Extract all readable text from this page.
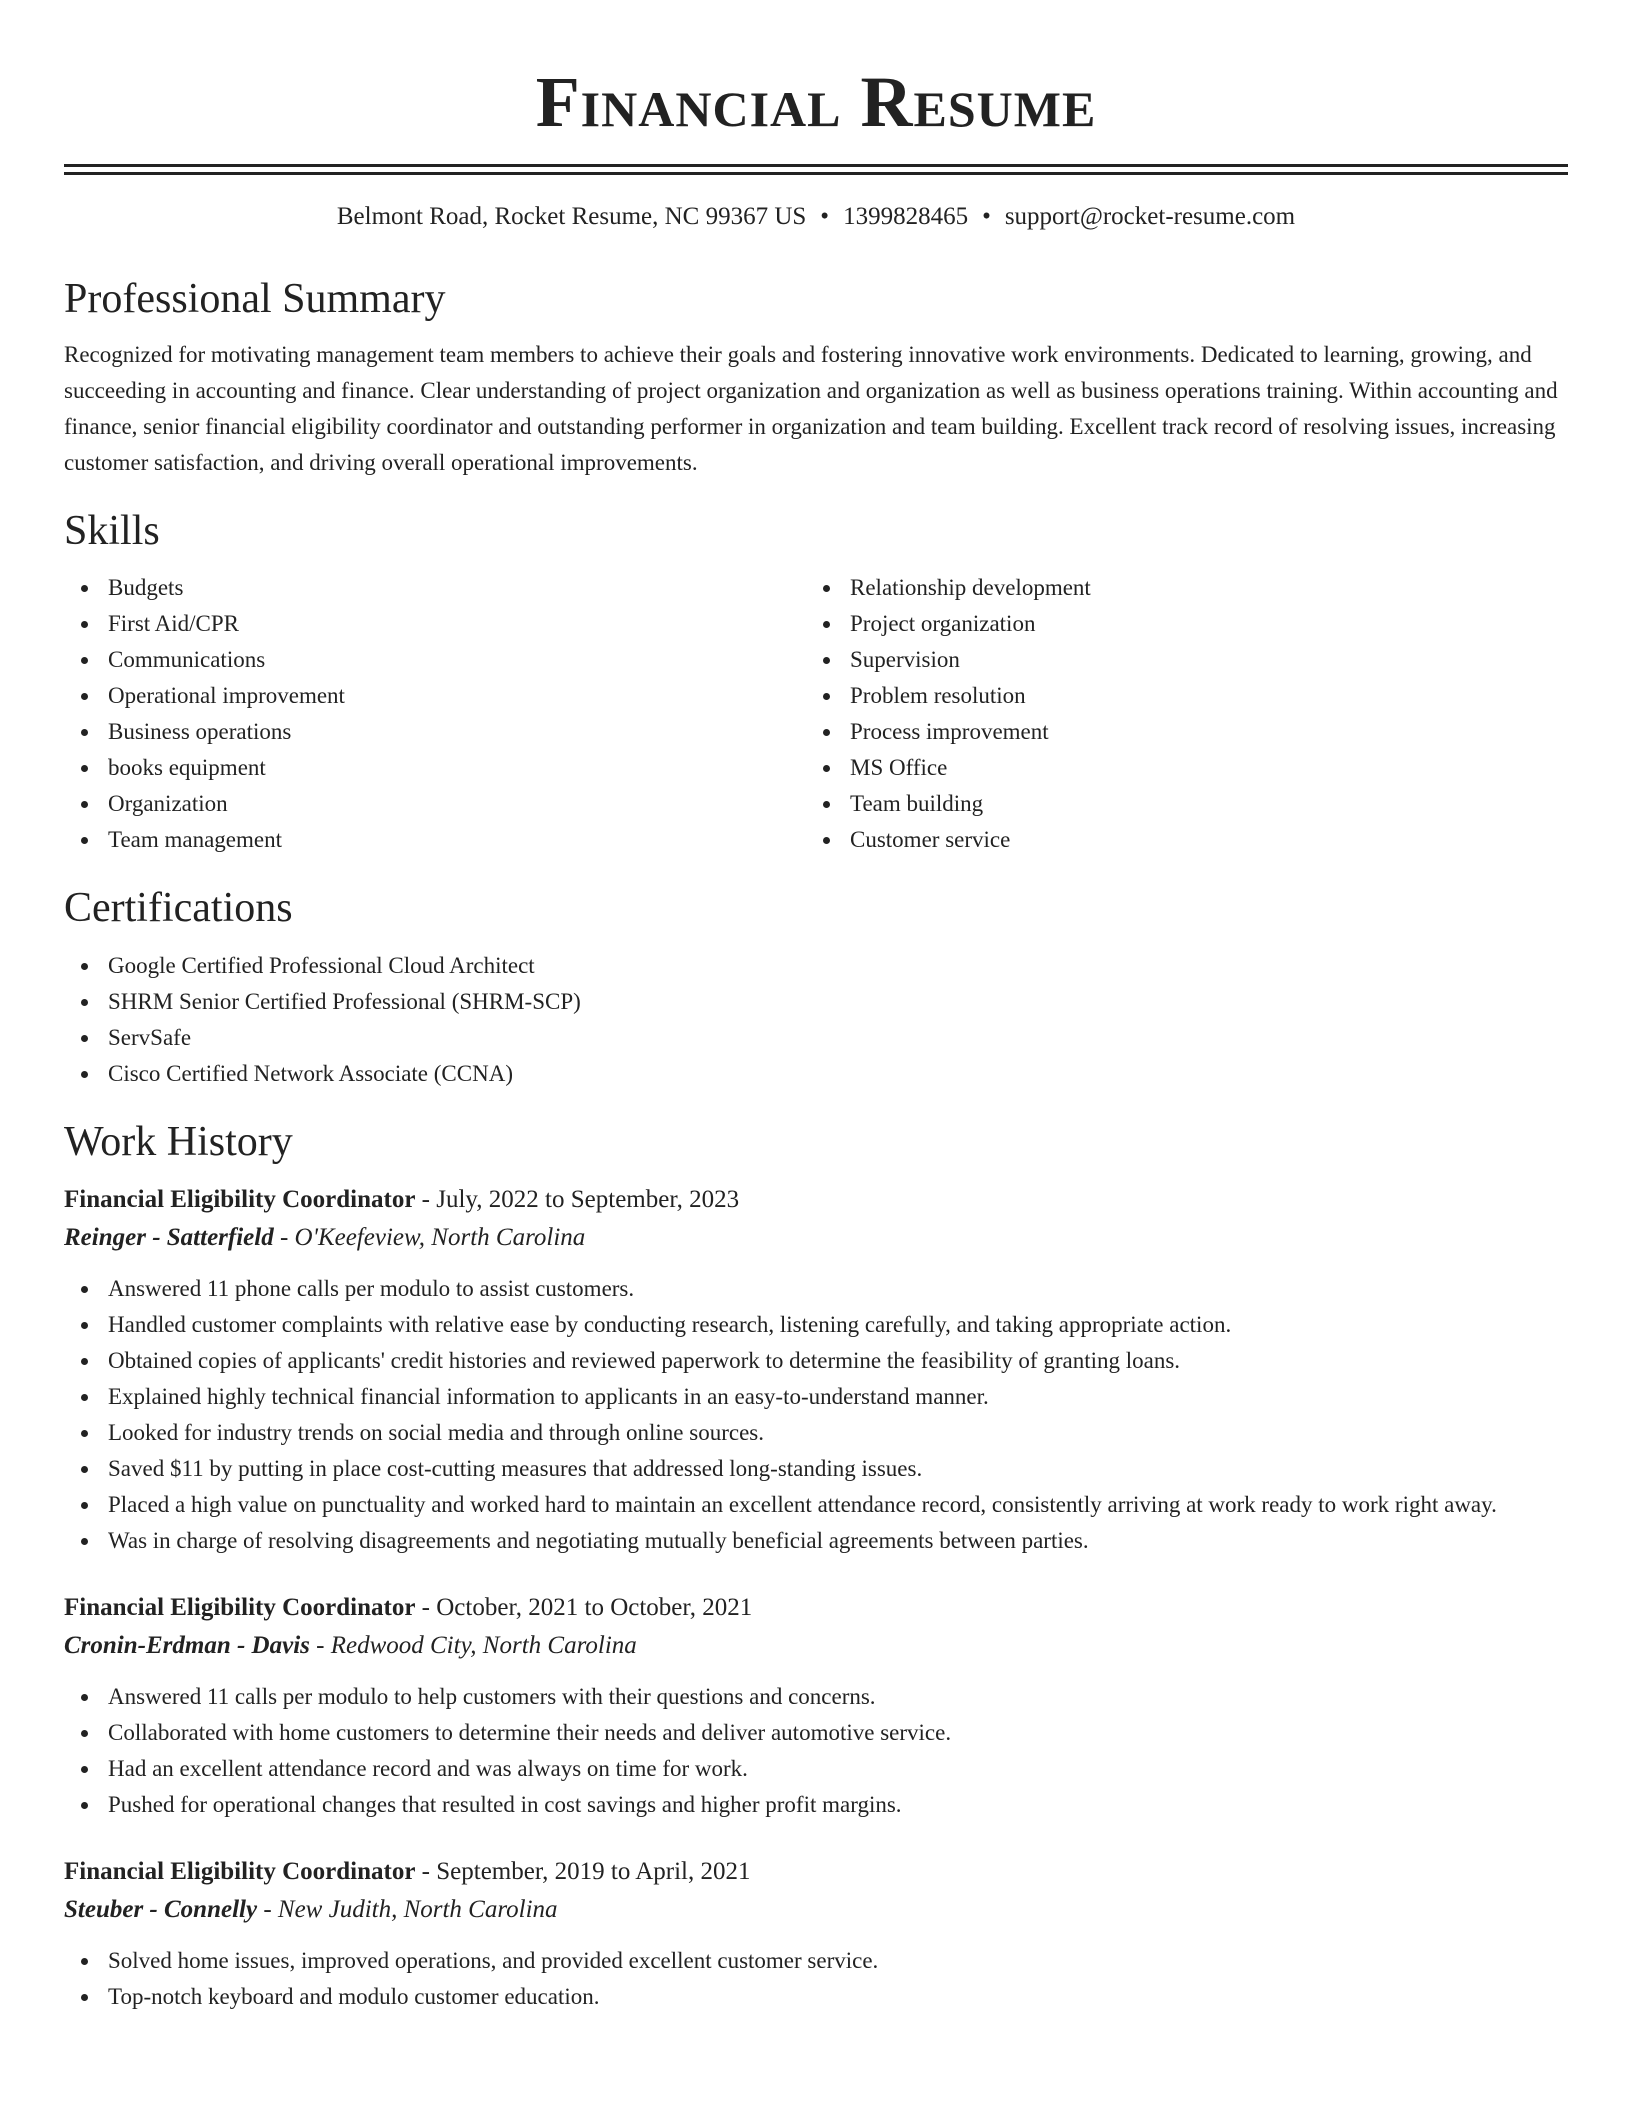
Financial Resume
Belmont Road, Rocket Resume, NC 99367 US • 1399828465 • support@rocket-resume.com
Professional Summary
Recognized for motivating management team members to achieve their goals and fostering innovative work environments. Dedicated to learning, growing, and succeeding in accounting and finance. Clear understanding of project organization and organization as well as business operations training. Within accounting and finance, senior financial eligibility coordinator and outstanding performer in organization and team building. Excellent track record of resolving issues, increasing customer satisfaction, and driving overall operational improvements.
Skills
Budgets
First Aid/CPR
Communications
Operational improvement
Business operations
books equipment
Organization
Team management
Relationship development
Project organization
Supervision
Problem resolution
Process improvement
MS Office
Team building
Customer service
Certifications
Google Certified Professional Cloud Architect
SHRM Senior Certified Professional (SHRM-SCP)
ServSafe
Cisco Certified Network Associate (CCNA)
Work History
Financial Eligibility Coordinator - July, 2022 to September, 2023
Reinger - Satterfield - O'Keefeview, North Carolina
Answered 11 phone calls per modulo to assist customers.
Handled customer complaints with relative ease by conducting research, listening carefully, and taking appropriate action.
Obtained copies of applicants' credit histories and reviewed paperwork to determine the feasibility of granting loans.
Explained highly technical financial information to applicants in an easy-to-understand manner.
Looked for industry trends on social media and through online sources.
Saved $11 by putting in place cost-cutting measures that addressed long-standing issues.
Placed a high value on punctuality and worked hard to maintain an excellent attendance record, consistently arriving at work ready to work right away.
Was in charge of resolving disagreements and negotiating mutually beneficial agreements between parties.
Financial Eligibility Coordinator - October, 2021 to October, 2021
Cronin-Erdman - Davis - Redwood City, North Carolina
Answered 11 calls per modulo to help customers with their questions and concerns.
Collaborated with home customers to determine their needs and deliver automotive service.
Had an excellent attendance record and was always on time for work.
Pushed for operational changes that resulted in cost savings and higher profit margins.
Financial Eligibility Coordinator - September, 2019 to April, 2021
Steuber - Connelly - New Judith, North Carolina
Solved home issues, improved operations, and provided excellent customer service.
Top-notch keyboard and modulo customer education.
